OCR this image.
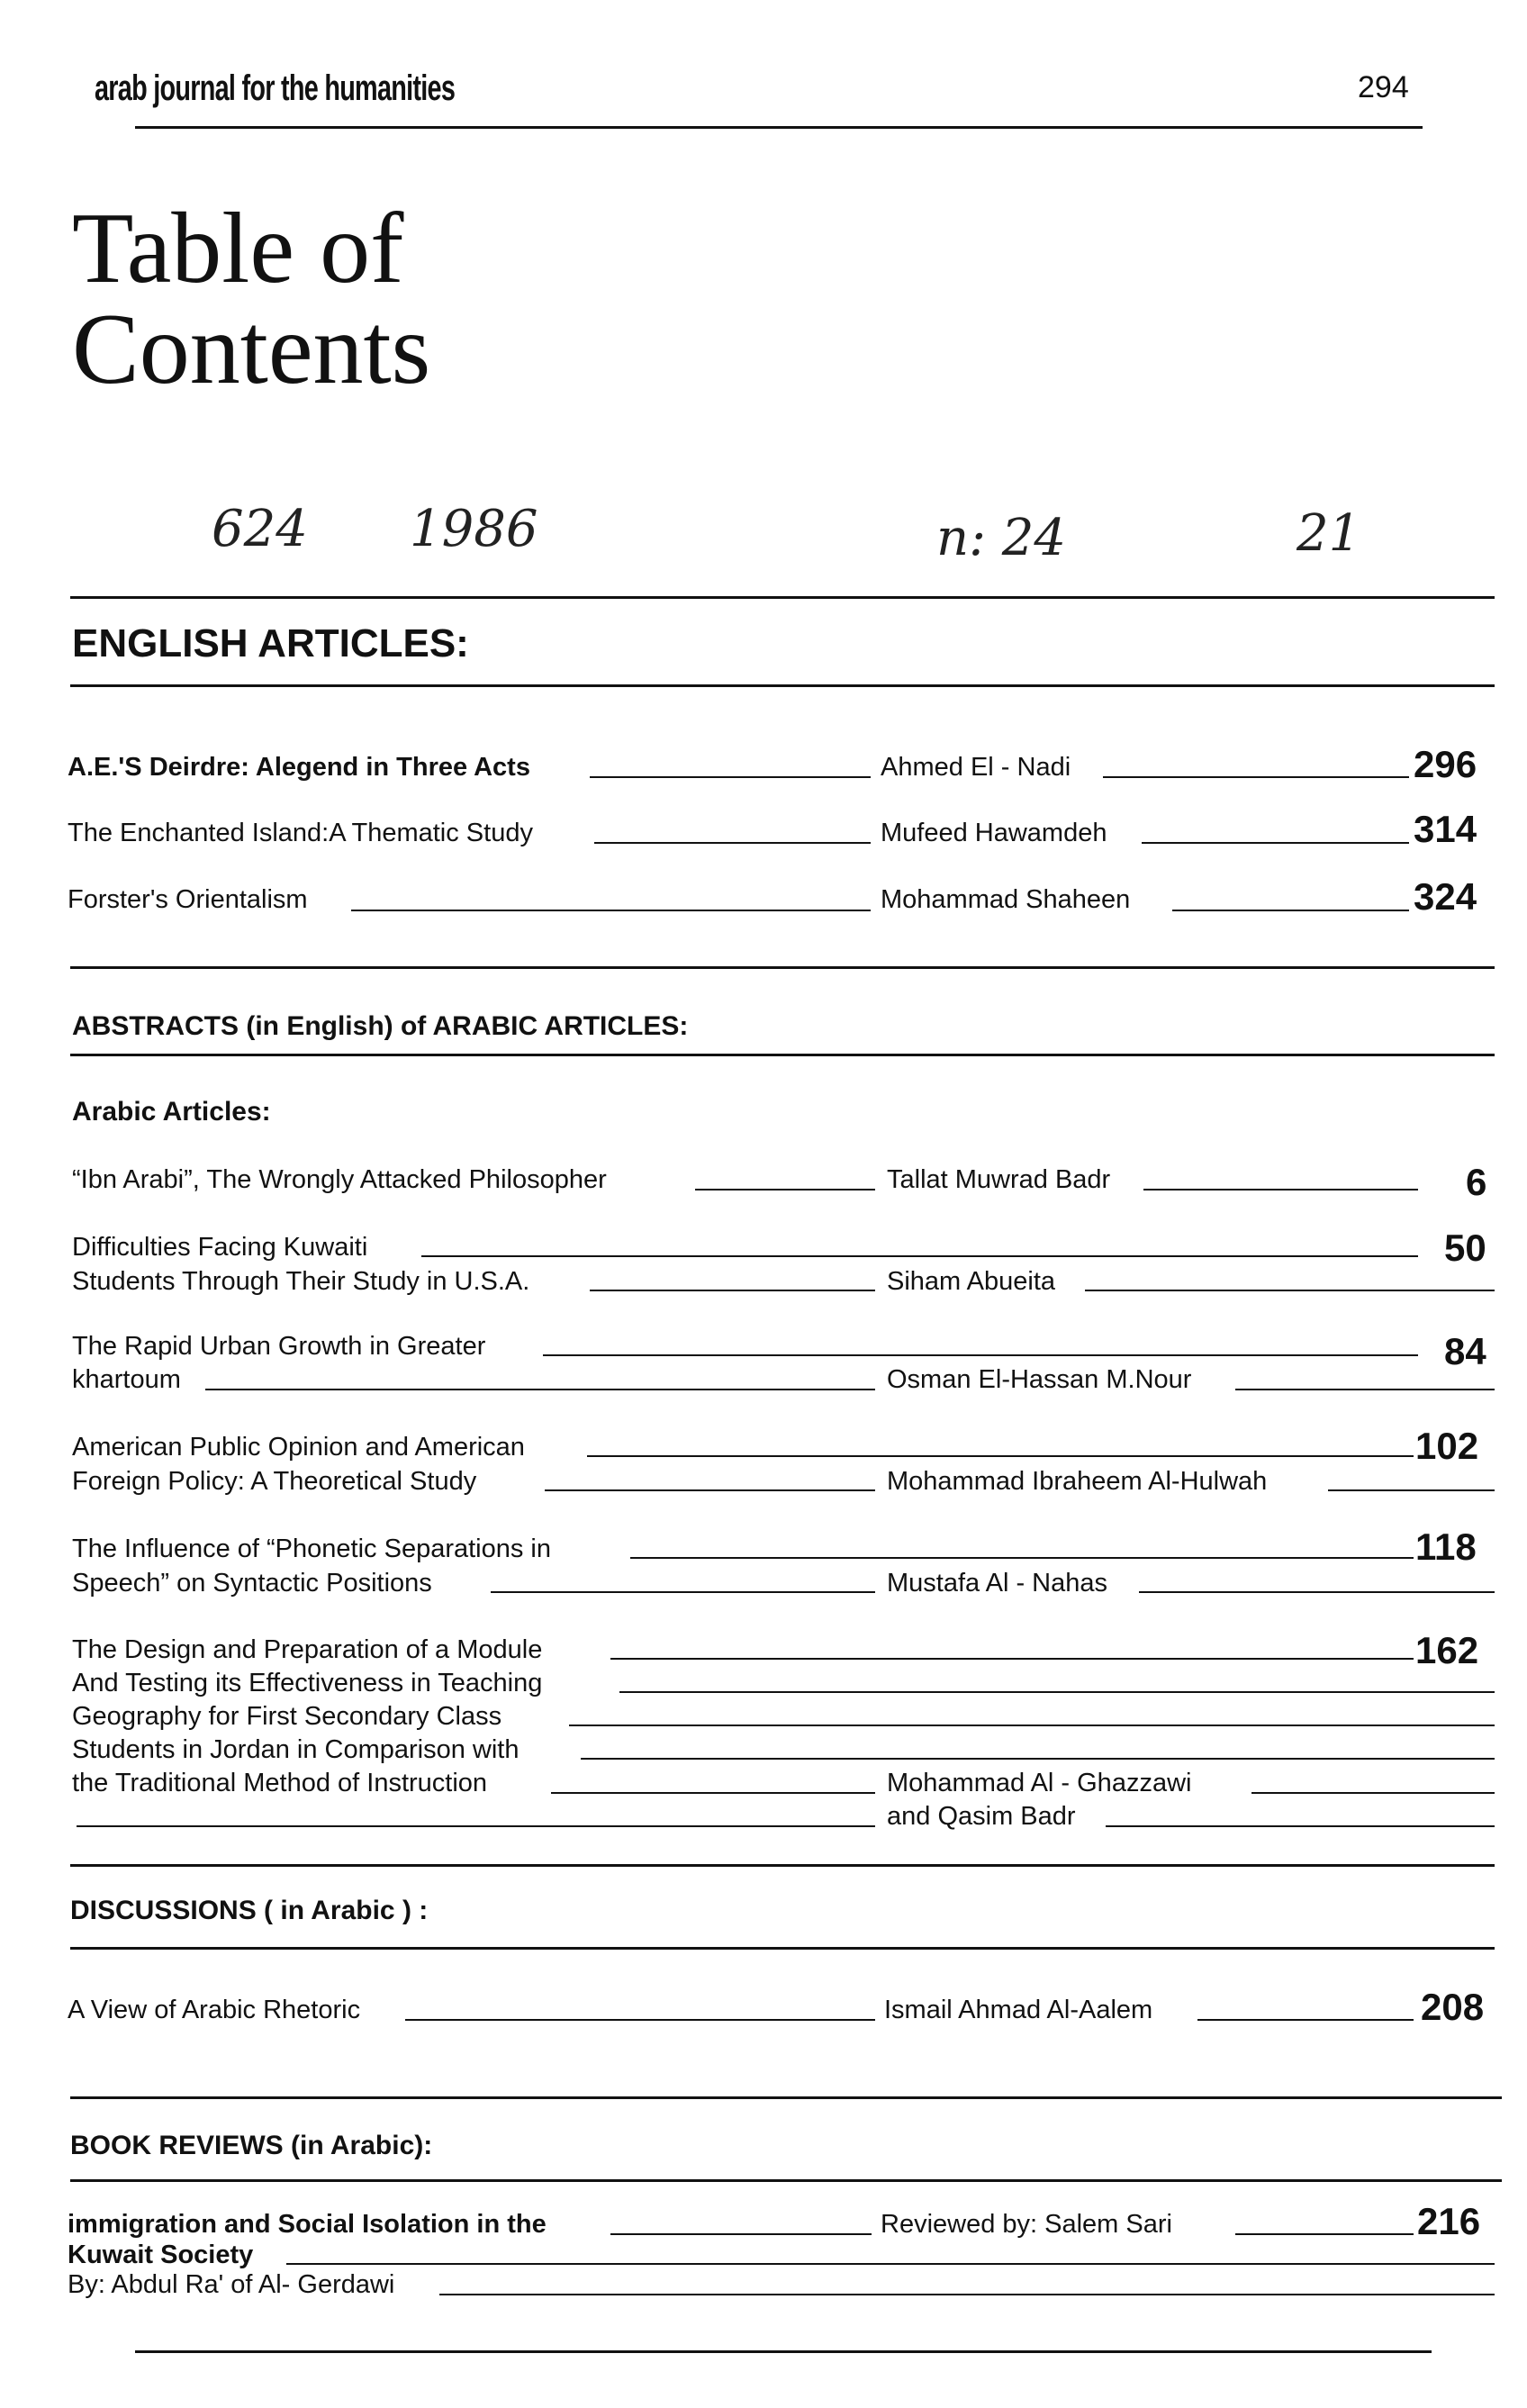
arab journal for the humanities	294
Table of
Contents
624 1986	n: 24	21
ENGLISH ARTICLES:
A.E.'S Deirdre: Alegend in Three Acts	Ahmed El - Nadi	296
The Enchanted Island:A Thematic Study	Mufeed Hawamdeh	314
Forster's Orientalism	Mohammad Shaheen	324
ABSTRACTS (in English) of ARABIC ARTICLES:
Arabic Articles:
“Ibn Arabi”, The Wrongly Attacked Philosopher	Tallat Muwrad Badr	6
Difficulties Facing Kuwaiti	50
Students Through Their Study in U.S.A.	Siham Abueita
The Rapid Urban Growth in Greater	84
khartoum	Osman El-Hassan M.Nour
American Public Opinion and American	102
Foreign Policy: A Theoretical Study	Mohammad Ibraheem Al-Hulwah
The Influence of “Phonetic Separations in	118
Speech” on Syntactic Positions	Mustafa Al - Nahas
The Design and Preparation of a Module	162
And Testing its Effectiveness in Teaching
Geography for First Secondary Class
Students in Jordan in Comparison with
the Traditional Method of Instruction	Mohammad Al - Ghazzawi
and Qasim Badr
DISCUSSIONS ( in Arabic ) :
A View of Arabic Rhetoric	Ismail Ahmad Al-Aalem	208
BOOK REVIEWS (in Arabic):
immigration and Social Isolation in the	Reviewed by: Salem Sari	216
Kuwait Society
By: Abdul Ra' of Al- Gerdawi
